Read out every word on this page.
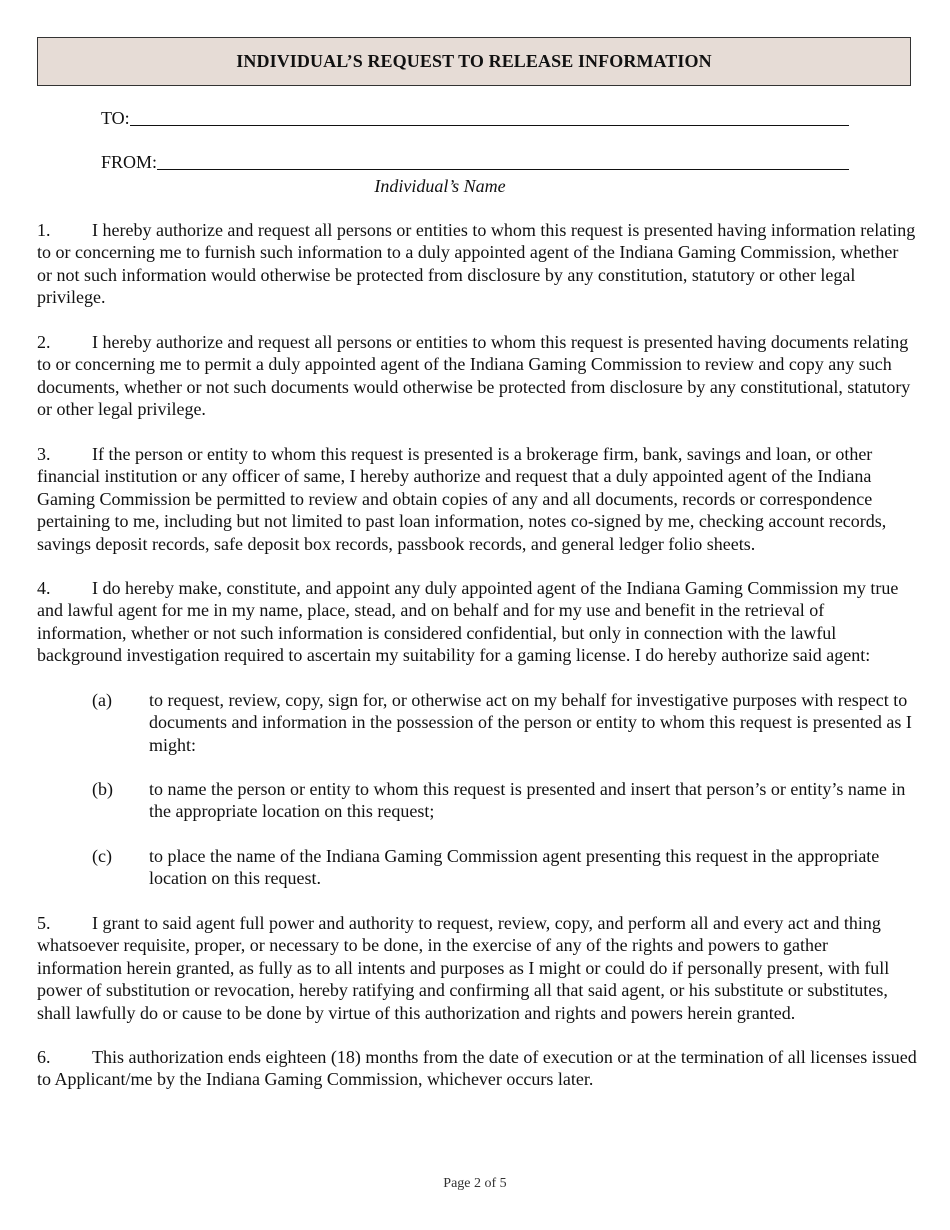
INDIVIDUAL’S REQUEST TO RELEASE INFORMATION
TO:
FROM:
Individual’s Name
1. I hereby authorize and request all persons or entities to whom this request is presented having information relating to or concerning me to furnish such information to a duly appointed agent of the Indiana Gaming Commission, whether or not such information would otherwise be protected from disclosure by any constitution, statutory or other legal privilege.
2. I hereby authorize and request all persons or entities to whom this request is presented having documents relating to or concerning me to permit a duly appointed agent of the Indiana Gaming Commission to review and copy any such documents, whether or not such documents would otherwise be protected from disclosure by any constitutional, statutory or other legal privilege.
3. If the person or entity to whom this request is presented is a brokerage firm, bank, savings and loan, or other financial institution or any officer of same, I hereby authorize and request that a duly appointed agent of the Indiana Gaming Commission be permitted to review and obtain copies of any and all documents, records or correspondence pertaining to me, including but not limited to past loan information, notes co-signed by me, checking account records, savings deposit records, safe deposit box records, passbook records, and general ledger folio sheets.
4. I do hereby make, constitute, and appoint any duly appointed agent of the Indiana Gaming Commission my true and lawful agent for me in my name, place, stead, and on behalf and for my use and benefit in the retrieval of information, whether or not such information is considered confidential, but only in connection with the lawful background investigation required to ascertain my suitability for a gaming license. I do hereby authorize said agent:
(a)	to request, review, copy, sign for, or otherwise act on my behalf for investigative purposes with respect to documents and information in the possession of the person or entity to whom this request is presented as I might:
(b)	to name the person or entity to whom this request is presented and insert that person’s or entity’s name in the appropriate location on this request;
(c)	to place the name of the Indiana Gaming Commission agent presenting this request in the appropriate location on this request.
5. I grant to said agent full power and authority to request, review, copy, and perform all and every act and thing whatsoever requisite, proper, or necessary to be done, in the exercise of any of the rights and powers to gather information herein granted, as fully as to all intents and purposes as I might or could do if personally present, with full power of substitution or revocation, hereby ratifying and confirming all that said agent, or his substitute or substitutes, shall lawfully do or cause to be done by virtue of this authorization and rights and powers herein granted.
6. This authorization ends eighteen (18) months from the date of execution or at the termination of all licenses issued to Applicant/me by the Indiana Gaming Commission, whichever occurs later.
Page 2 of 5
